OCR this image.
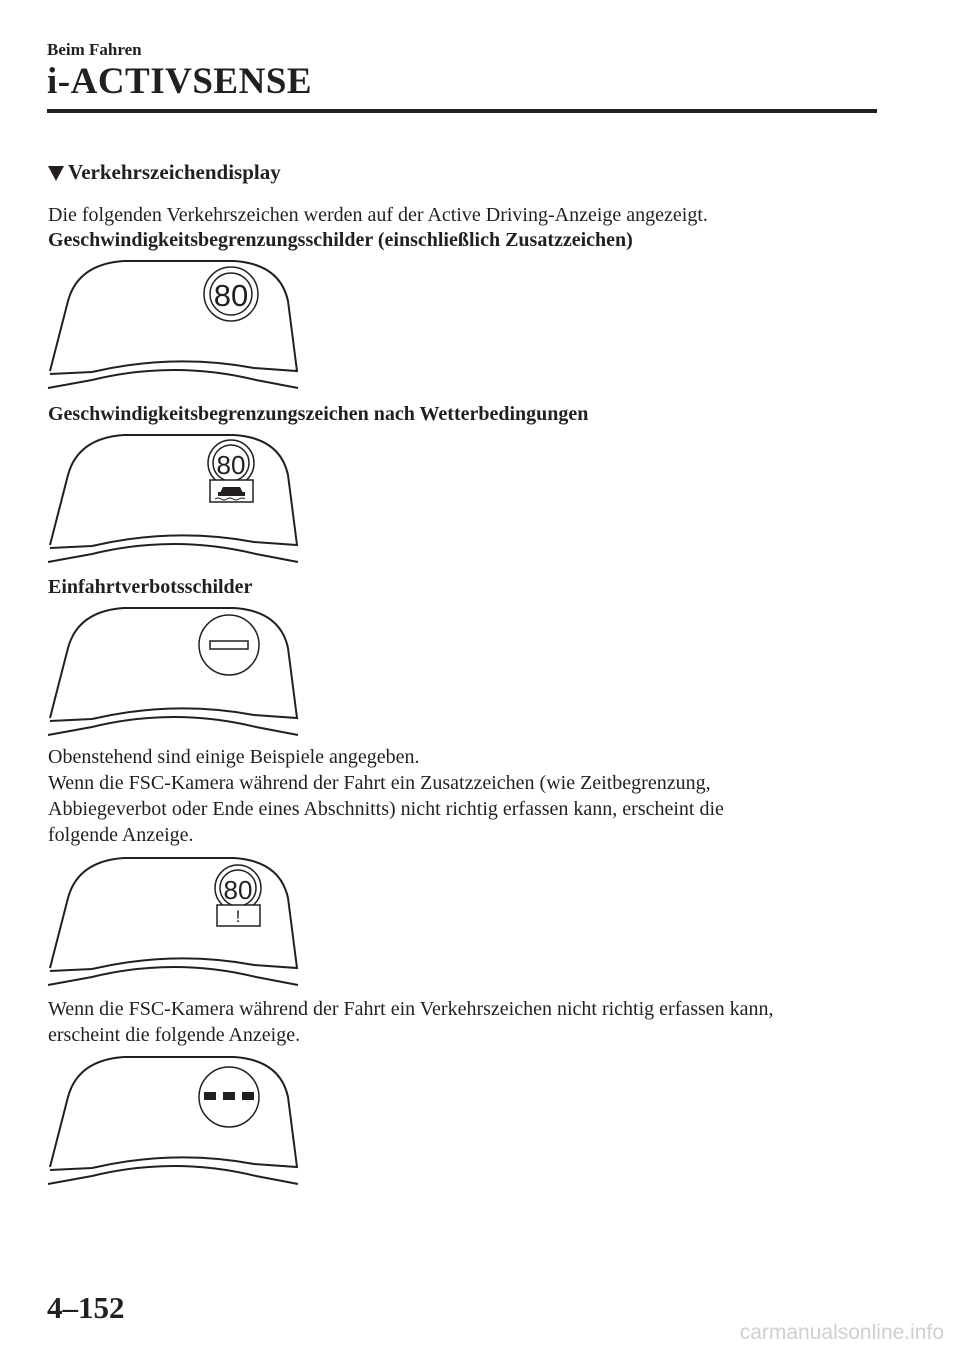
Beim Fahren
i-ACTIVSENSE
Verkehrszeichendisplay
Die folgenden Verkehrszeichen werden auf der Active Driving-Anzeige angezeigt.
Geschwindigkeitsbegrenzungsschilder (einschließlich Zusatzzeichen)
80
Geschwindigkeitsbegrenzungszeichen nach Wetterbedingungen
80
Einfahrtverbotsschilder
Obenstehend sind einige Beispiele angegeben.
Wenn die FSC-Kamera während der Fahrt ein Zusatzzeichen (wie Zeitbegrenzung,
Abbiegeverbot oder Ende eines Abschnitts) nicht richtig erfassen kann, erscheint die
folgende Anzeige.
80
!
Wenn die FSC-Kamera während der Fahrt ein Verkehrszeichen nicht richtig erfassen kann,
erscheint die folgende Anzeige.
4–152
carmanualsonline.info
